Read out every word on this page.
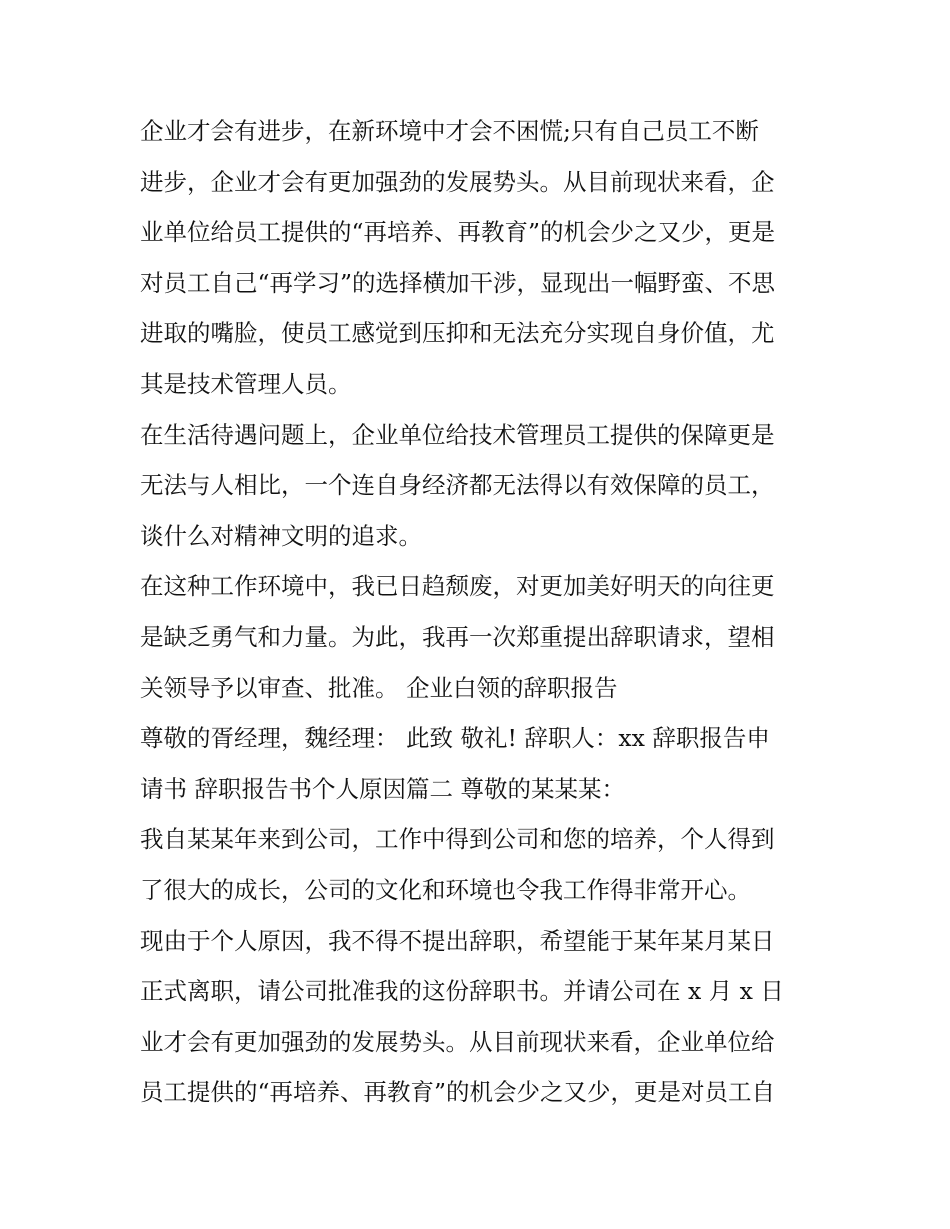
企业才会有进步，在新环境中才会不困慌;只有自己员工不断
进步，企业才会有更加强劲的发展势头。从目前现状来看，企
业单位给员工提供的“再培养、再教育”的机会少之又少，更是
对员工自己“再学习”的选择横加干涉，显现出一幅野蛮、不思
进取的嘴脸，使员工感觉到压抑和无法充分实现自身价值，尤
其是技术管理人员。
在生活待遇问题上，企业单位给技术管理员工提供的保障更是
无法与人相比，一个连自身经济都无法得以有效保障的员工，
谈什么对精神文明的追求。
在这种工作环境中，我已日趋颓废，对更加美好明天的向往更
是缺乏勇气和力量。为此，我再一次郑重提出辞职请求，望相
关领导予以审查、批准。 企业白领的辞职报告
尊敬的胥经理，魏经理： 此致 敬礼! 辞职人：xx 辞职报告申
请书 辞职报告书个人原因篇二 尊敬的某某某：
我自某某年来到公司，工作中得到公司和您的培养，个人得到
了很大的成长，公司的文化和环境也令我工作得非常开心。
现由于个人原因，我不得不提出辞职，希望能于某年某月某日
正式离职，请公司批准我的这份辞职书。并请公司在 x 月 x 日
业才会有更加强劲的发展势头。从目前现状来看，企业单位给
员工提供的“再培养、再教育”的机会少之又少，更是对员工自
